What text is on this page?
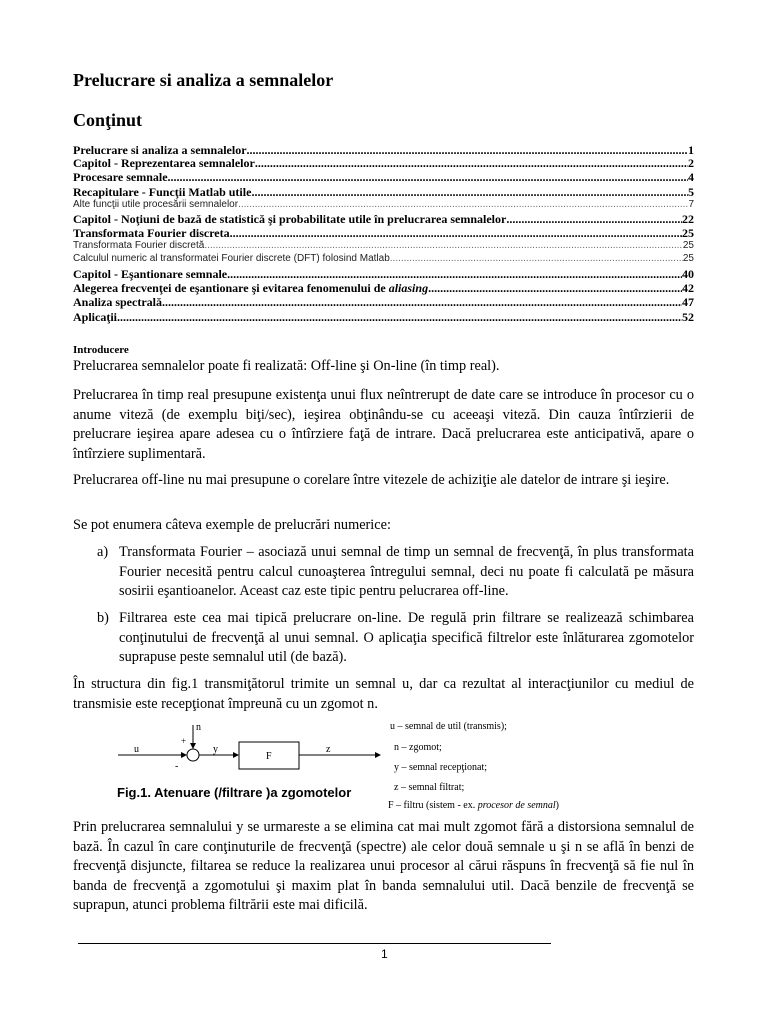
Prelucrare si analiza a semnalelor
Conţinut
Prelucrare si analiza a semnalelor .....	1
Capitol - Reprezentarea semnalelor .....	2
Procesare semnale .....	4
Recapitulare - Funcţii Matlab utile .....	5
Alte funcţii utile procesării semnalelor .....	7
Capitol - Noţiuni de bază de statistică şi probabilitate utile în prelucrarea semnalelor .....	22
Transformata Fourier discreta .....	25
Transformata Fourier discretă .....	25
Calculul numeric al transformatei Fourier discrete (DFT) folosind Matlab .....	25
Capitol - Eşantionare semnale. .....	40
Alegerea frecvenţei de eşantionare şi evitarea fenomenului de aliasing .....	42
Analiza spectrală .....	47
Aplicaţii .....	52
Introducere
Prelucrarea semnalelor poate fi realizată: Off-line şi On-line (în timp real).
Prelucrarea în timp real presupune existenţa unui flux neîntrerupt de date care se introduce în procesor cu o anume viteză (de exemplu biţi/sec), ieşirea obţinându-se cu aceeaşi viteză. Din cauza întîrzierii de prelucrare ieşirea apare adesea cu o întîrziere faţă de intrare. Dacă prelucrarea este anticipativă, apare o întîrziere suplimentară.
Prelucrarea off-line nu mai presupune o corelare între vitezele de achiziţie ale datelor de intrare şi ieşire.
Se pot enumera câteva exemple de prelucrări numerice:
a) Transformata Fourier – asociază unui semnal de timp un semnal de frecvenţă, în plus transformata Fourier necesită pentru calcul cunoaşterea întregului semnal, deci nu poate fi calculată pe măsura sosirii eşantioanelor. Aceast caz este tipic pentru pelucrarea off-line.
b) Filtrarea este cea mai tipică prelucrare on-line. De regulă prin filtrare se realizează schimbarea conţinutului de frecvenţă al unui semnal. O aplicaţia specifică filtrelor este înlăturarea zgomotelor suprapuse peste semnalul util (de bază).
În structura din fig.1 transmiţătorul trimite un semnal u, dar ca rezultat al interacţiunilor cu mediul de transmisie este recepţionat împreună cu un zgomot n.
u
n
+
-
y
F
z
Fig.1. Atenuare (/filtrare )a zgomotelor
u – semnal de util (transmis);
n – zgomot;
y – semnal recepţionat;
z – semnal filtrat;
F – filtru (sistem - ex. procesor de semnal)
Prin prelucrarea semnalului y se urmareste a se elimina cat mai mult zgomot fără a distorsiona semnalul de bază. În cazul în care conţinuturile de frecvenţă (spectre) ale celor două semnale u şi n se află în benzi de frecvenţă disjuncte, filtarea se reduce la realizarea unui procesor al cărui răspuns în frecvenţă să fie nul în banda de frecvenţă a zgomotului şi maxim plat în banda semnalului util. Dacă benzile de frecvenţă se suprapun, atunci problema filtrării este mai dificilă.
1
